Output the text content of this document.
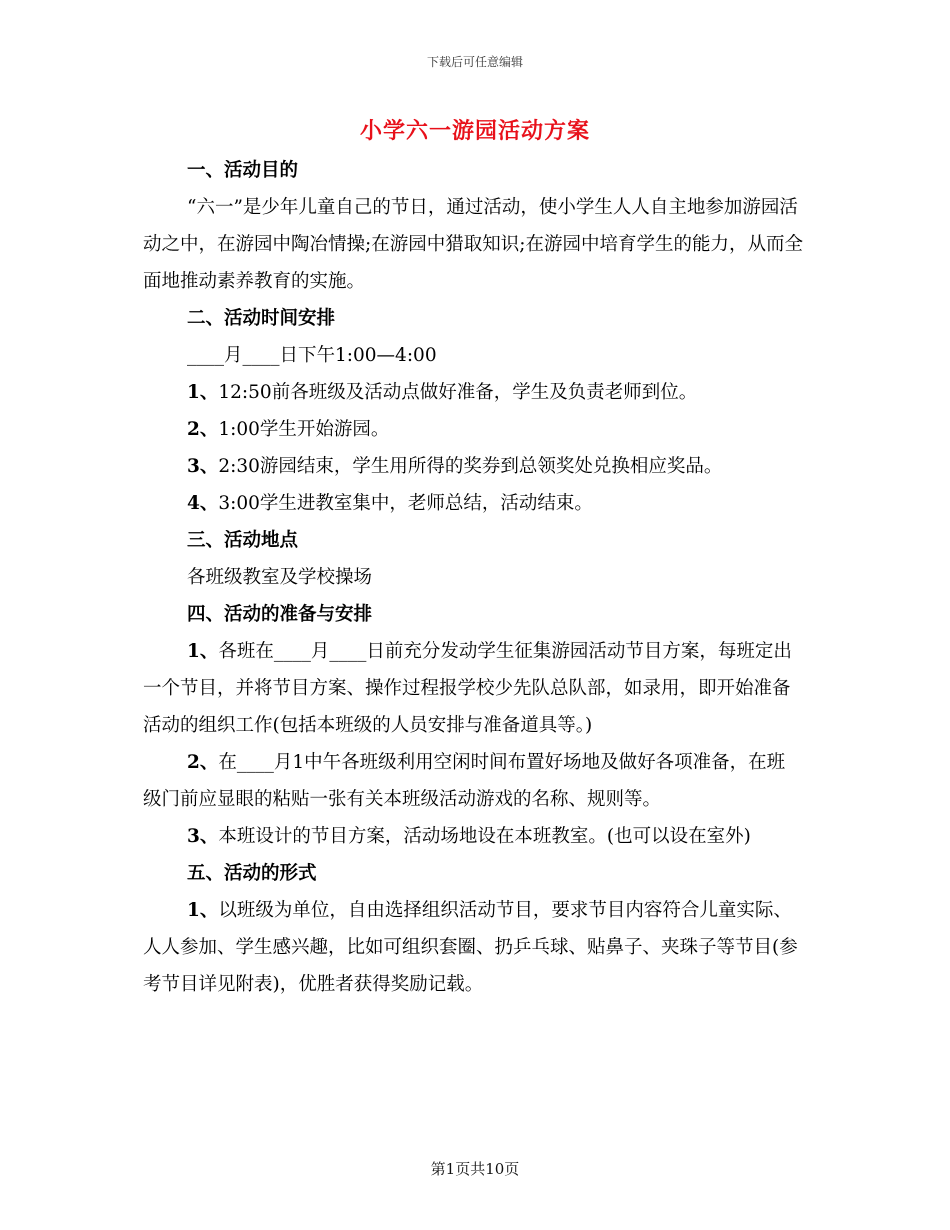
下载后可任意编辑
小学六一游园活动方案

一、活动目的

“六一”是少年儿童自己的节日，通过活动，使小学生人人自主地参加游园活动之中，在游园中陶冶情操;在游园中猎取知识;在游园中培育学生的能力，从而全面地推动素养教育的实施。

二、活动时间安排

____月____日下午1:00—4:00

1、12:50前各班级及活动点做好准备，学生及负责老师到位。

2、1:00学生开始游园。

3、2:30游园结束，学生用所得的奖券到总领奖处兑换相应奖品。

4、3:00学生进教室集中，老师总结，活动结束。

三、活动地点

各班级教室及学校操场

四、活动的准备与安排

1、各班在____月____日前充分发动学生征集游园活动节目方案，每班定出一个节目，并将节目方案、操作过程报学校少先队总队部，如录用，即开始准备活动的组织工作(包括本班级的人员安排与准备道具等。)

2、在____月1中午各班级利用空闲时间布置好场地及做好各项准备，在班级门前应显眼的粘贴一张有关本班级活动游戏的名称、规则等。

3、本班设计的节目方案，活动场地设在本班教室。(也可以设在室外)

五、活动的形式

1、以班级为单位，自由选择组织活动节目，要求节目内容符合儿童实际、人人参加、学生感兴趣，比如可组织套圈、扔乒乓球、贴鼻子、夹珠子等节目(参考节目详见附表)，优胜者获得奖励记载。

第1页共10页
